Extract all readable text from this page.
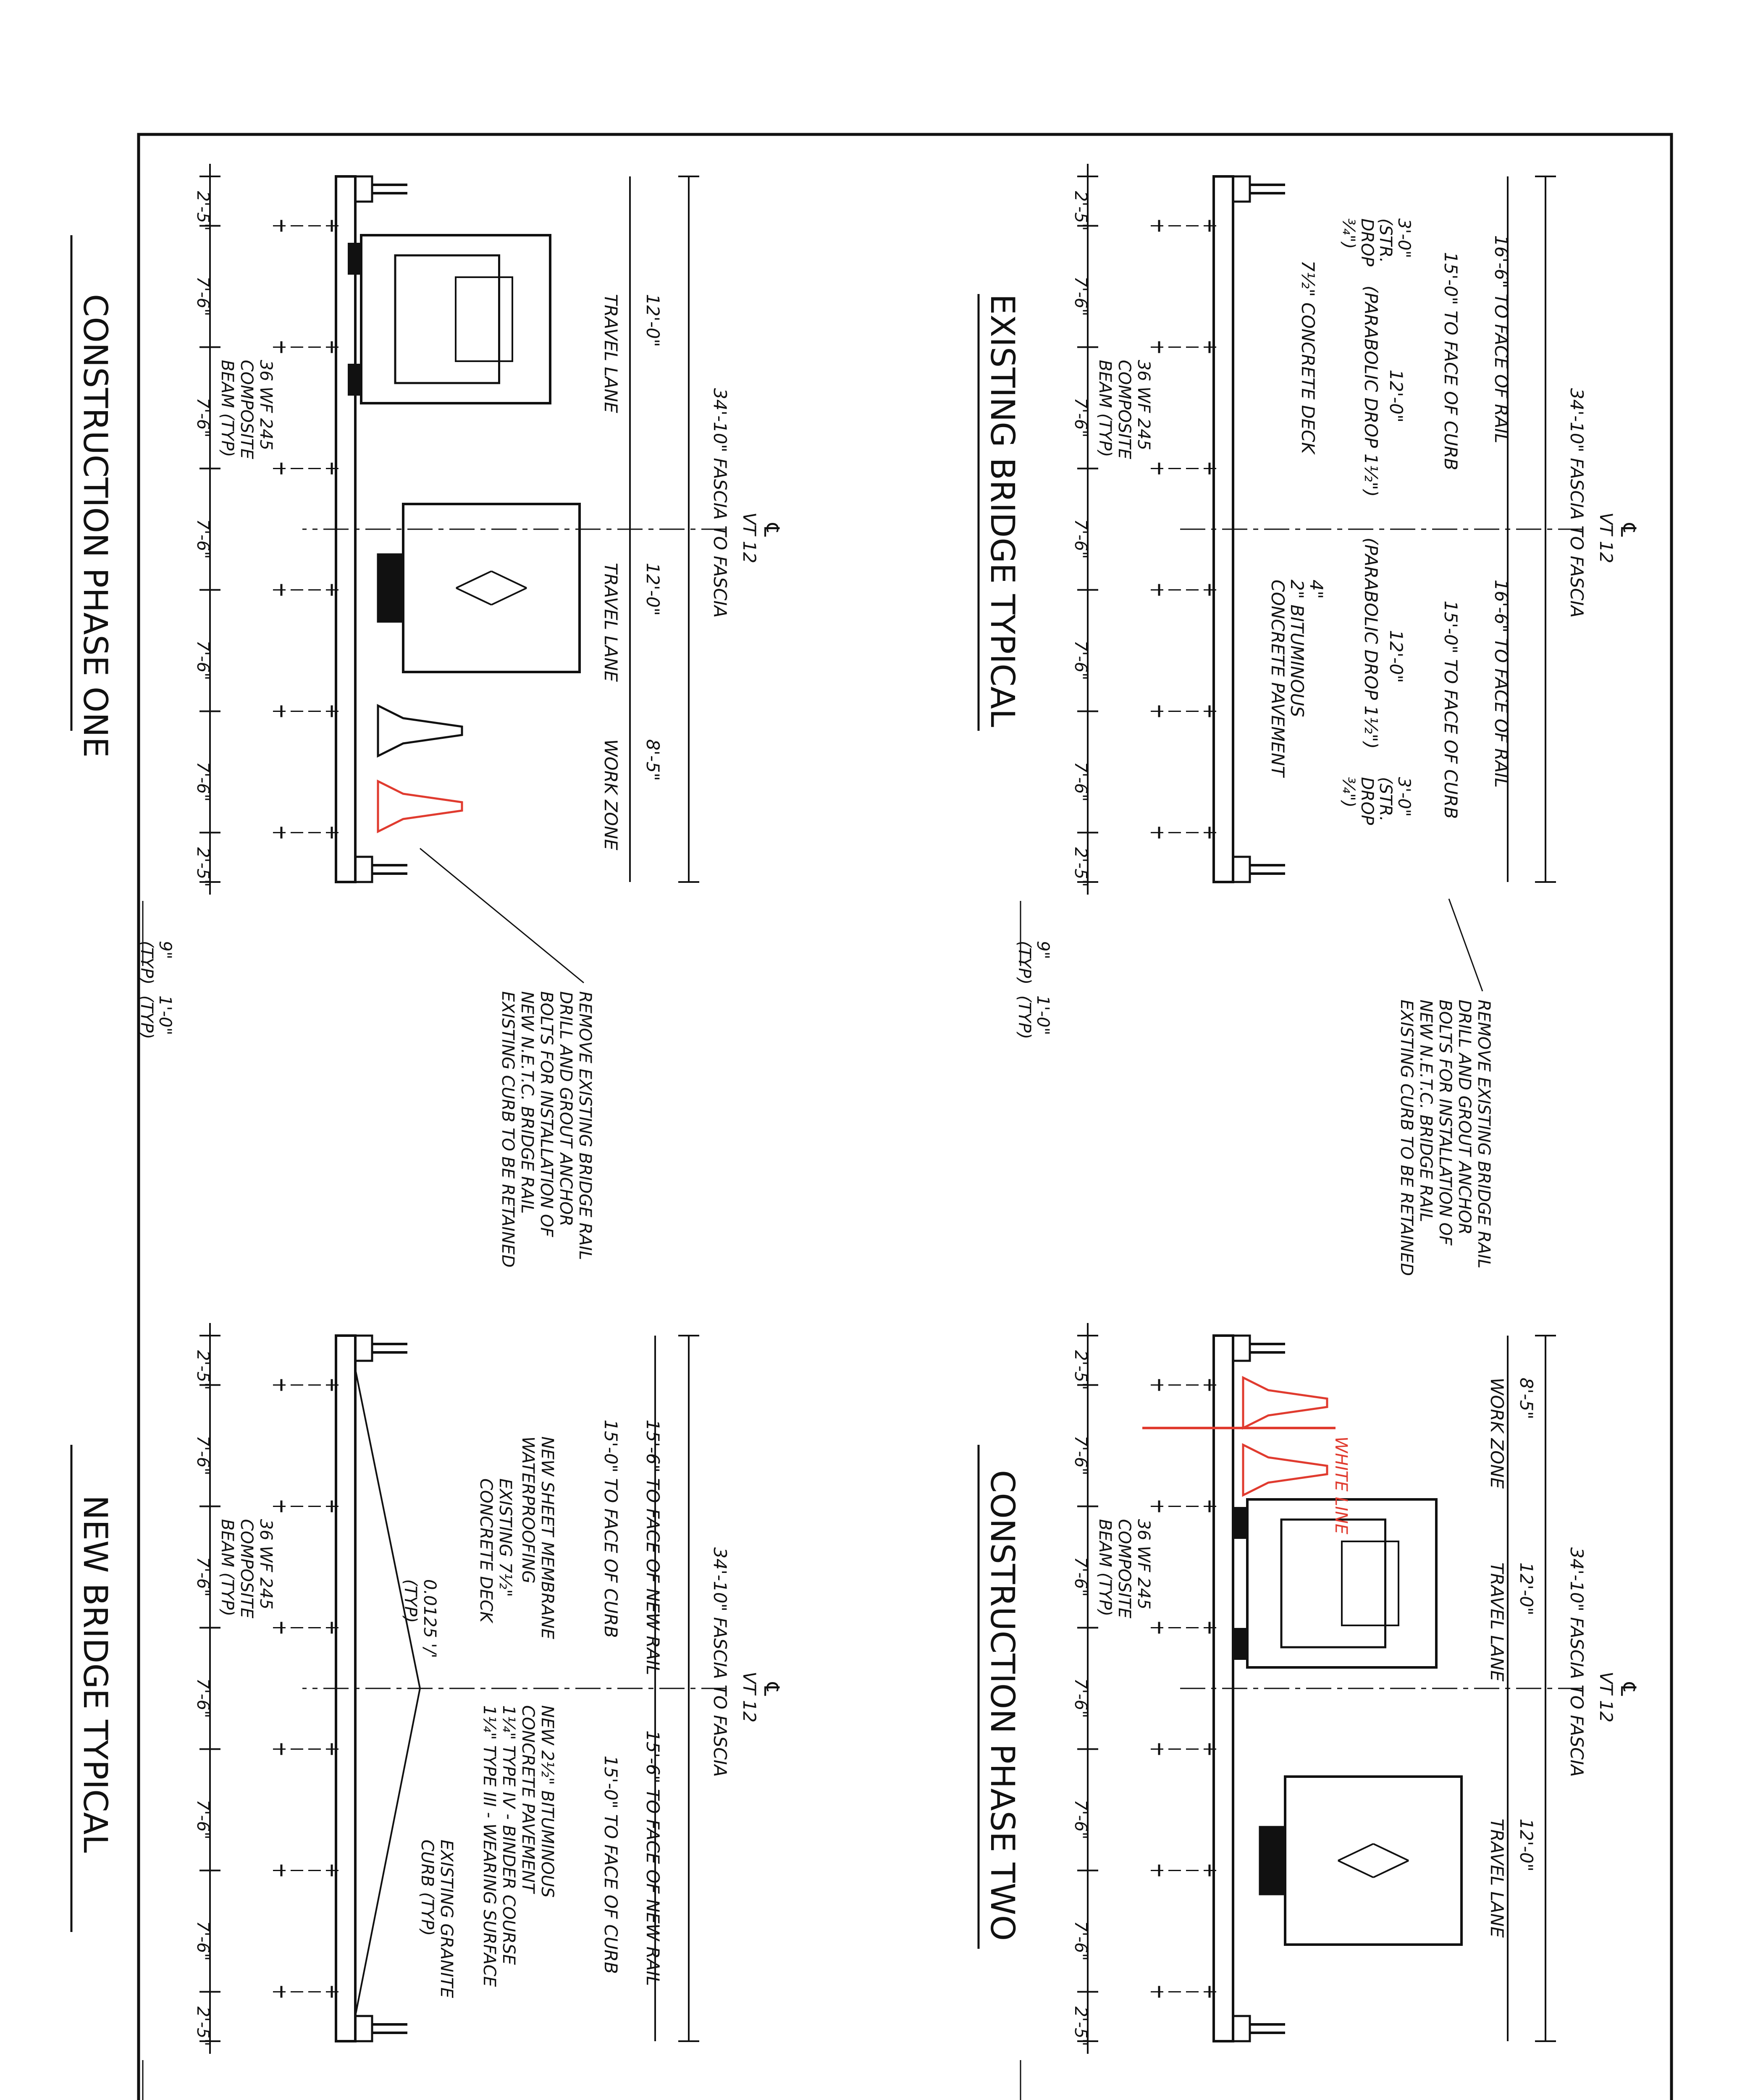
2'-5"
7'-6"
7'-6"
7'-6"
7'-6"
7'-6"
2'-5"
℄
VT 12
34'-10" FASCIA TO FASCIA
9"
(TYP)
1'-0"
(TYP)
36 WF 245
COMPOSITE
BEAM (TYP)
EXISTING BRIDGE TYPICAL	16'-6" TO FACE OF RAIL
16'-6" TO FACE OF RAIL
15'-0" TO FACE OF CURB
15'-0" TO FACE OF CURB
12'-0"
12'-0"
(PARABOLIC DROP 1½")
(PARABOLIC DROP 1½")
3'-0"
(STR.
DROP
¾")
3'-0"
(STR.
DROP
¾")
7½" CONCRETE DECK
4"
2" BITUMINOUS
CONCRETE PAVEMENT
REMOVE EXISTING BRIDGE RAIL
DRILL AND GROUT ANCHOR
BOLTS FOR INSTALLATION OF
NEW N.E.T.C. BRIDGE RAIL
EXISTING CURB TO BE RETAINED
2'-5"
7'-6"
7'-6"
7'-6"
7'-6"
7'-6"
2'-5"
℄
VT 12
34'-10" FASCIA TO FASCIA
9"
(TYP)
1'-0"
(TYP)
36 WF 245
COMPOSITE
BEAM (TYP)
CONSTRUCTION PHASE ONE	12'-0"
TRAVEL LANE
12'-0"
TRAVEL LANE
8'-5"
WORK ZONE
REMOVE EXISTING BRIDGE RAIL
DRILL AND GROUT ANCHOR
BOLTS FOR INSTALLATION OF
NEW N.E.T.C. BRIDGE RAIL
EXISTING CURB TO BE RETAINED
2'-5"
7'-6"
7'-6"
7'-6"
7'-6"
7'-6"
2'-5"
℄
VT 12
34'-10" FASCIA TO FASCIA
36 WF 245
COMPOSITE
BEAM (TYP)
CONSTRUCTION PHASE TWO	WHITE LINE
8'-5"
WORK ZONE
12'-0"
TRAVEL LANE
12'-0"
TRAVEL LANE
2'-5"
7'-6"
7'-6"
7'-6"
7'-6"
7'-6"
2'-5"
℄
VT 12
34'-10" FASCIA TO FASCIA
36 WF 245
COMPOSITE
BEAM (TYP)
NEW BRIDGE TYPICAL	15'-6" TO FACE OF NEW RAIL
15'-6" TO FACE OF NEW RAIL
15'-0" TO FACE OF CURB
15'-0" TO FACE OF CURB
NEW SHEET MEMBRANE
WATERPROOFING
EXISTING 7½"
CONCRETE DECK
0.0125 '/'
(TYP)
NEW 2½" BITUMINOUS
CONCRETE PAVEMENT
1¼" TYPE IV - BINDER COURSE
1¼" TYPE III - WEARING SURFACE
EXISTING GRANITE
CURB (TYP)
